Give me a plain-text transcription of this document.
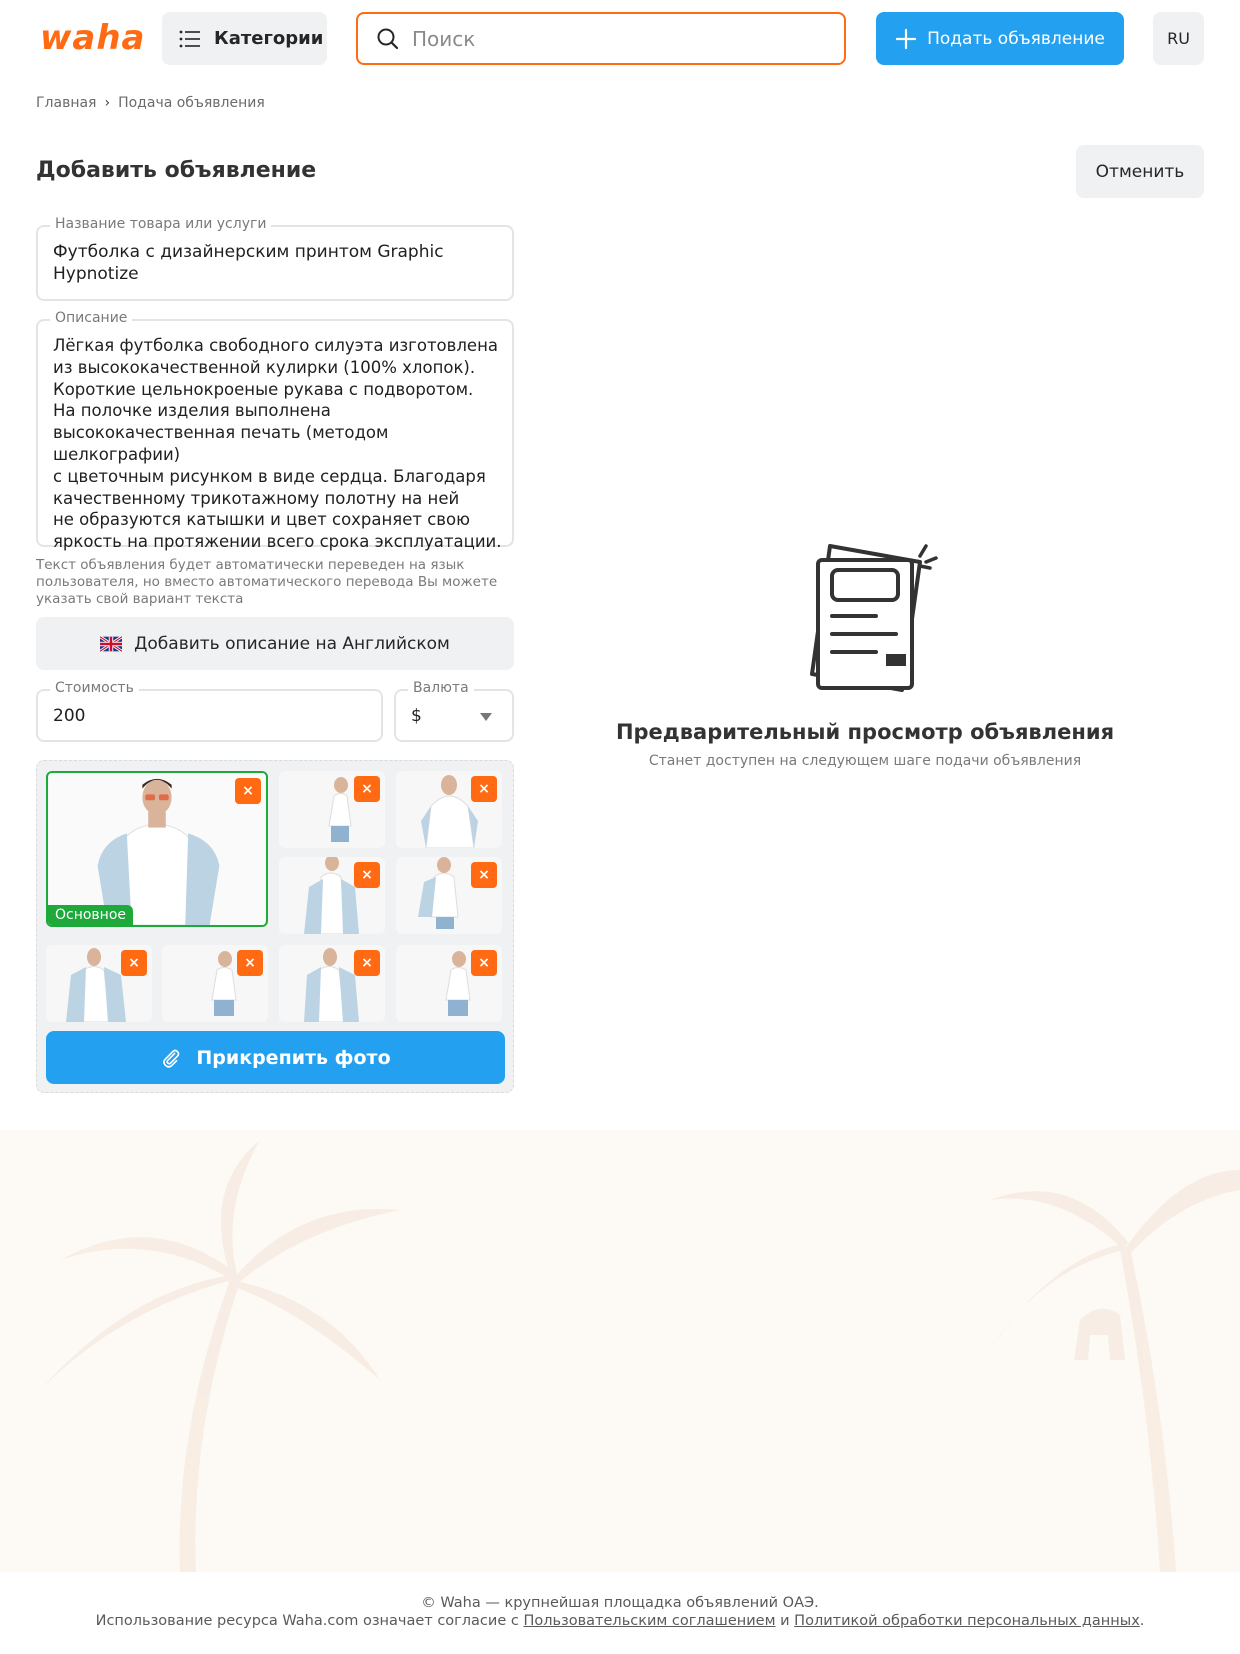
waha	Категории
Поиск	Подать объявление	RU
Главная › Подача объявления
Добавить объявление	Отменить
Название товара или услуги
Футболка с дизайнерским принтом Graphic Hypnotize
Описание
Лёгкая футболка свободного силуэта изготовлена
из высококачественной кулирки (100% хлопок).
Короткие цельнокроеные рукава с подворотом.
На полочке изделия выполнена
высококачественная печать (методом шелкографии)
с цветочным рисунком в виде сердца. Благодаря
качественному трикотажному полотну на ней
не образуются катышки и цвет сохраняет свою
яркость на протяжении всего срока эксплуатации.
Текст объявления будет автоматически переведен на язык пользователя, но вместо автоматического перевода Вы можете указать свой вариант текста
Добавить описание на Английском
Стоимость
200
Валюта
$
×
Основное
×	×
×	×
×	×	×	×
Прикрепить фото
Предварительный просмотр объявления
Станет доступен на следующем шаге подачи объявления
© Waha — крупнейшая площадка объявлений ОАЭ.
Использование ресурса Waha.com означает согласие с Пользовательским соглашением и Политикой обработки персональных данных.
